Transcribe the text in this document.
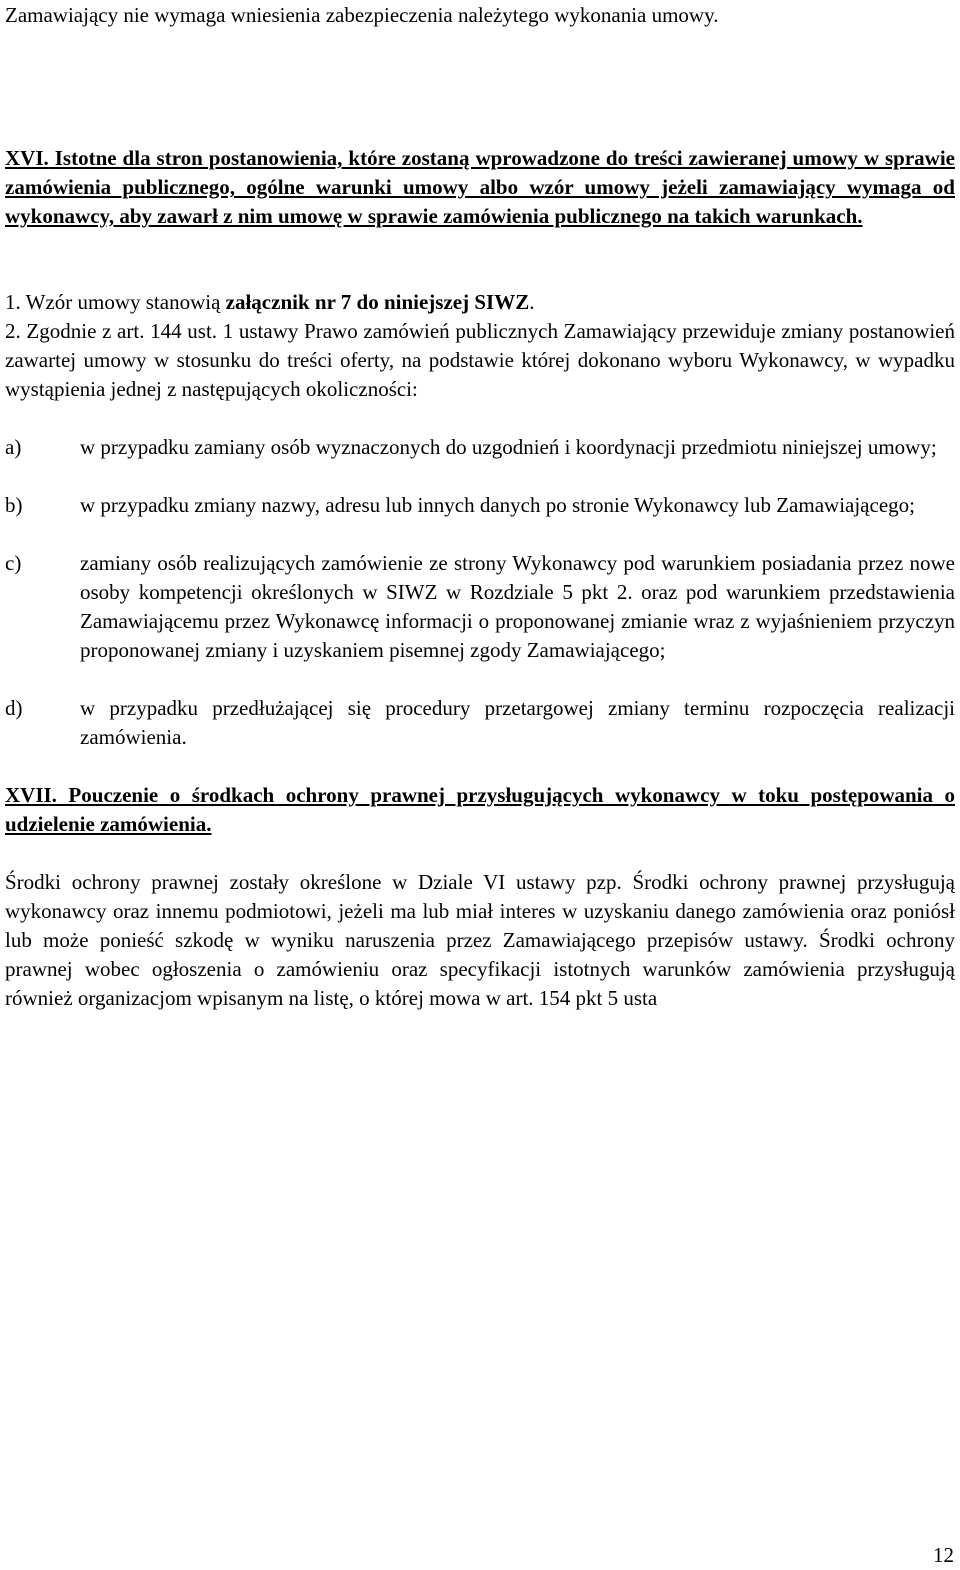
Zamawiający nie wymaga wniesienia zabezpieczenia należytego wykonania umowy.

XVI. Istotne dla stron postanowienia, które zostaną wprowadzone do treści zawieranej umowy w sprawie zamówienia publicznego, ogólne warunki umowy albo wzór umowy jeżeli zamawiający wymaga od wykonawcy, aby zawarł z nim umowę w sprawie zamówienia publicznego na takich warunkach.

1. Wzór umowy stanowią załącznik nr 7 do niniejszej SIWZ.

2. Zgodnie z art. 144 ust. 1 ustawy Prawo zamówień publicznych Zamawiający przewiduje zmiany postanowień zawartej umowy w stosunku do treści oferty, na podstawie której dokonano wyboru Wykonawcy, w wypadku wystąpienia jednej z następujących okoliczności:

a)	w przypadku zamiany osób wyznaczonych do uzgodnień i koordynacji przedmiotu niniejszej umowy;
b)	w przypadku zmiany nazwy, adresu lub innych danych po stronie Wykonawcy lub Zamawiającego;
c)	zamiany osób realizujących zamówienie ze strony Wykonawcy pod warunkiem posiadania przez nowe osoby kompetencji określonych w SIWZ w Rozdziale 5 pkt 2. oraz pod warunkiem przedstawienia Zamawiającemu przez Wykonawcę informacji o proponowanej zmianie wraz z wyjaśnieniem przyczyn proponowanej zmiany i uzyskaniem pisemnej zgody Zamawiającego;
d)	w przypadku przedłużającej się procedury przetargowej zmiany terminu rozpoczęcia realizacji zamówienia.

XVII. Pouczenie o środkach ochrony prawnej przysługujących wykonawcy w toku postępowania o udzielenie zamówienia.

Środki ochrony prawnej zostały określone w Dziale VI ustawy pzp. Środki ochrony prawnej przysługują wykonawcy oraz innemu podmiotowi, jeżeli ma lub miał interes w uzyskaniu danego zamówienia oraz poniósł lub może ponieść szkodę w wyniku naruszenia przez Zamawiającego przepisów ustawy. Środki ochrony prawnej wobec ogłoszenia o zamówieniu oraz specyfikacji istotnych warunków zamówienia przysługują również organizacjom wpisanym na listę, o której mowa w art. 154 pkt 5 usta

12
